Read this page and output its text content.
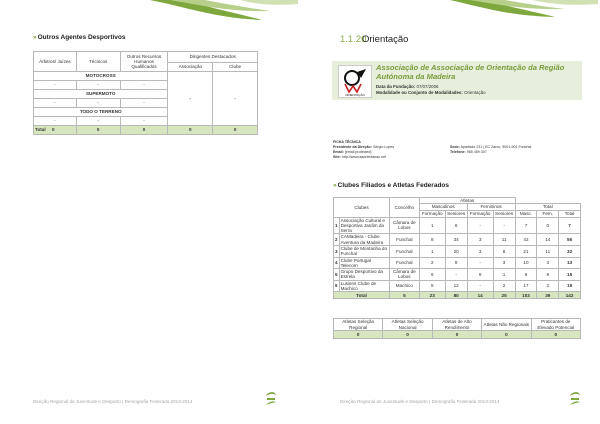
»Outros Agentes Desportivos
Árbitros/ Juízes	Técnicos	Outros Recursos Humanos Qualificados	Dirigentes Destacados	
			Associação	Clube
MOTOCROSS			-	-
-	-	-		
SUPERMOTO				
-	-	-		
TODO O TERRENO				
-	-	-		
Total 0	0	0	0	0
Direção Regional de Juventude e Desporto | Demografia Federada 2013-2014
1.1.20
Orientação
ORIENTAÇÃO
Associação de Associação de Orientação da Região Autónoma da Madeira
Data da Fundação: 07/07/2006
Modalidade ou Conjunto de Modalidades: Orientação
FICHA TÉCNICA
Presidente da Direção: Sérgio Lopes
Email: [email protected]
Site: http://www.aaorientacao.net
Sede: Apartado 231 | EC Zarco, 9001-901 Funchal
Telefone: 965 459 307
»Clubes Filiados e Atletas Federados
Clubes		Concelho	Atletas						
			Masculinos		Femininos		Total		
			Formação	Seniores	Formação	Seniores	Masc.	Fem.	Total
1	Associação Cultural e Desportiva Jardim da Serra	Câmara de Lobos	1	6	-	-	7	0	7
2	CAMadeira - Clube Aventura da Madeira	Funchal	8	34	3	11	42	14	56
3	Clube de Montanha do Funchal	Funchal	1	20	3	8	21	11	32
4	Clube Portugal Telecom	Funchal	2	8	-	3	10	3	13
5	Grupo Desportivo da Estrela	Câmara de Lobos	6	-	8	1	6	9	15
6	Lusiens Clube de Machico	Machico	5	12	-	2	17	2	19
Total		5	23	80	14	25	103	39	142
Atletas Seleção Regional	Atletas Seleção Nacional	Atletas de Alto Rendimento	Atletas Não Regionais	Praticantes de Elevado Potencial
0	0	0	0	0
Direção Regional de Juventude e Desporto | Demografia Federada 2013-2014
